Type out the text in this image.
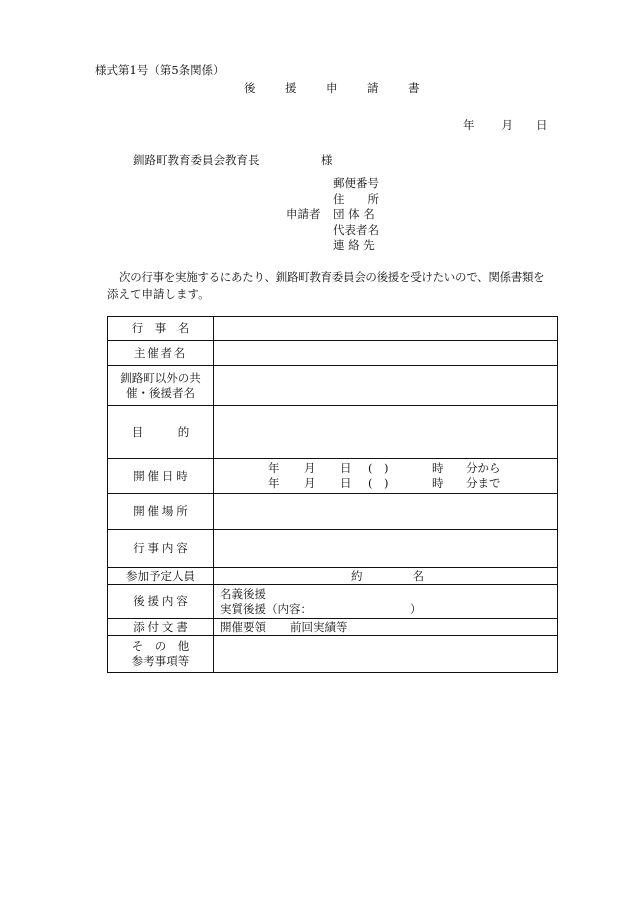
様式第1号（第5条関係）
後	援	申	請	書
年 月 日
釧路町教育委員会教育長	様
申請者
郵便番号
住　　所
団 体 名
代表者名
連 絡 先
次の行事を実施するにあたり、釧路町教育委員会の後援を受けたいので、関係書類を
添えて申請します。
行　事　名	
主催者名	

釧路町以外の共
催・後援者名	

目　　　的	
開催日時	年 月 日 (　) 時 分から
年 月 日 (　) 時 分まで

開催場所	
行事内容	
参加予定人員	約 名
後援内容	名義後援
実質後援（内容： ）

添付文書	開催要領 前回実績等

そ　の　他
参考事項等	
